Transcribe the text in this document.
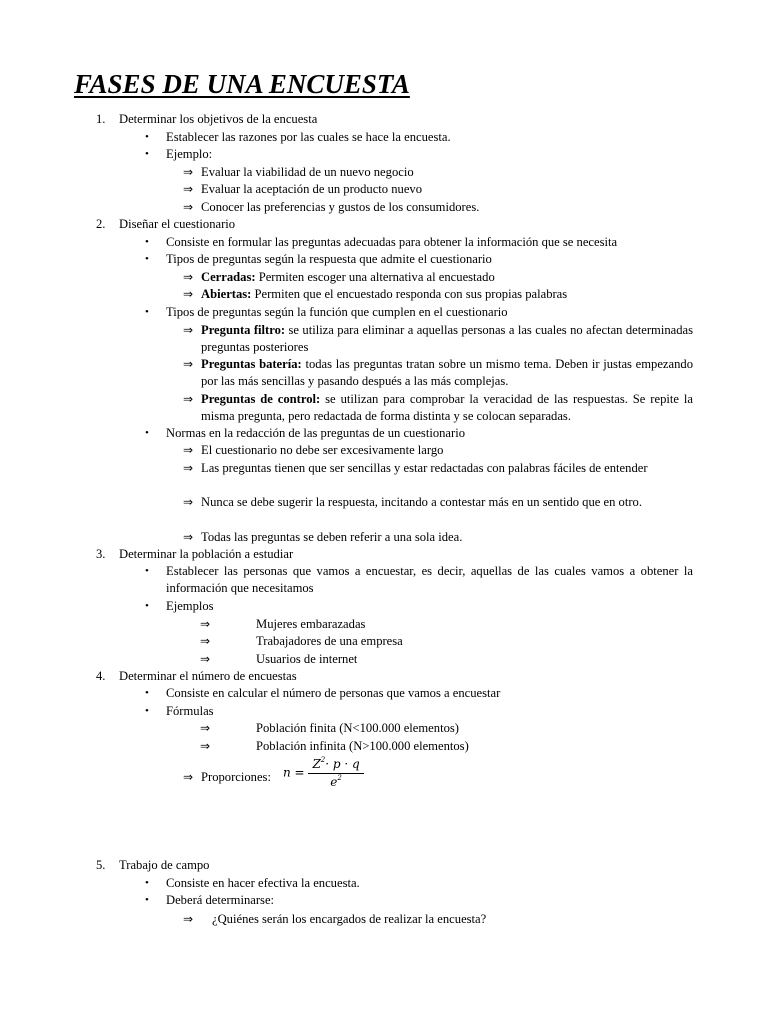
FASES DE UNA ENCUESTA
1. Determinar los objetivos de la encuesta
• Establecer las razones por las cuales se hace la encuesta.
• Ejemplo:
⇒ Evaluar la viabilidad de un nuevo negocio
⇒ Evaluar la aceptación de un producto nuevo
⇒ Conocer las preferencias y gustos de los consumidores.
2. Diseñar el cuestionario
• Consiste en formular las preguntas adecuadas para obtener la información que se necesita
• Tipos de preguntas según la respuesta que admite el cuestionario
⇒ Cerradas: Permiten escoger una alternativa al encuestado
⇒ Abiertas: Permiten que el encuestado responda con sus propias palabras
• Tipos de preguntas según la función que cumplen en el cuestionario
⇒ Pregunta filtro: se utiliza para eliminar a aquellas personas a las cuales no afectan determinadas preguntas posteriores
⇒ Preguntas batería: todas las preguntas tratan sobre un mismo tema. Deben ir justas empezando por las más sencillas y pasando después a las más complejas.
⇒ Preguntas de control: se utilizan para comprobar la veracidad de las respuestas. Se repite la misma pregunta, pero redactada de forma distinta y se colocan separadas.
• Normas en la redacción de las preguntas de un cuestionario
⇒ El cuestionario no debe ser excesivamente largo
⇒ Las preguntas tienen que ser sencillas y estar redactadas con palabras fáciles de entender
⇒ Nunca se debe sugerir la respuesta, incitando a contestar más en un sentido que en otro.
⇒ Todas las preguntas se deben referir a una sola idea.
3. Determinar la población a estudiar
• Establecer las personas que vamos a encuestar, es decir, aquellas de las cuales vamos a obtener la información que necesitamos
• Ejemplos
⇒	Mujeres embarazadas
⇒	Trabajadores de una empresa
⇒	Usuarios de internet
4. Determinar el número de encuestas
• Consiste en calcular el número de personas que vamos a encuestar
• Fórmulas
⇒	Población finita (N<100.000 elementos)
⇒	Población infinita (N>100.000 elementos)
⇒ Proporciones: $n = \frac{Z^2\cdot p \cdot q}{e^2}$
5. Trabajo de campo
• Consiste en hacer efectiva la encuesta.
• Deberá determinarse:
⇒ ¿Quiénes serán los encargados de realizar la encuesta?
